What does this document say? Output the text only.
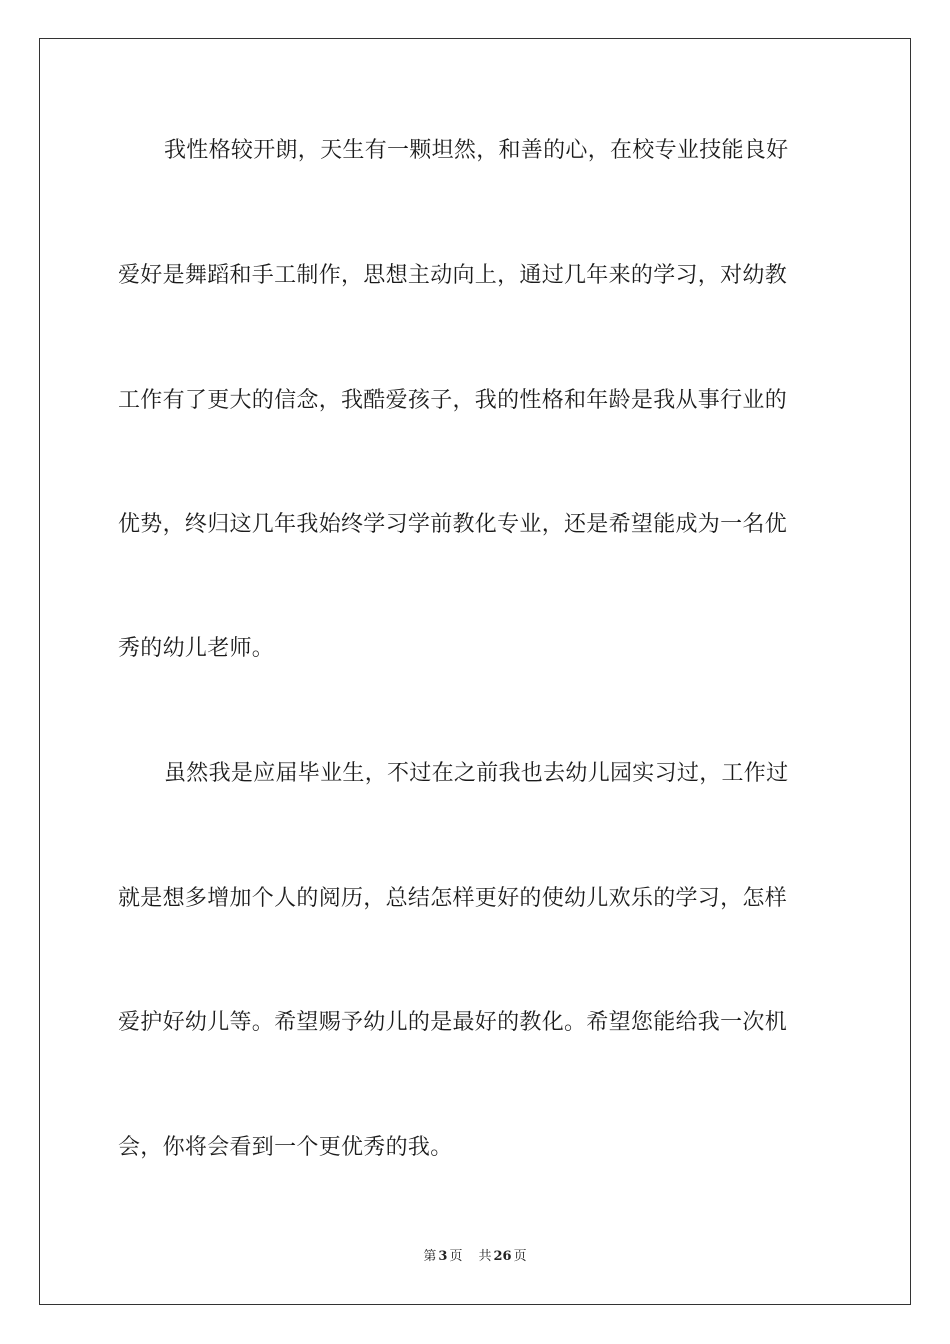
我性格较开朗，天生有一颗坦然，和善的心，在校专业技能良好
爱好是舞蹈和手工制作，思想主动向上，通过几年来的学习，对幼教
工作有了更大的信念，我酷爱孩子，我的性格和年龄是我从事行业的
优势，终归这几年我始终学习学前教化专业，还是希望能成为一名优
秀的幼儿老师。
虽然我是应届毕业生，不过在之前我也去幼儿园实习过，工作过
就是想多增加个人的阅历，总结怎样更好的使幼儿欢乐的学习，怎样
爱护好幼儿等。希望赐予幼儿的是最好的教化。希望您能给我一次机
会，你将会看到一个更优秀的我。
第 3 页 共 26 页
